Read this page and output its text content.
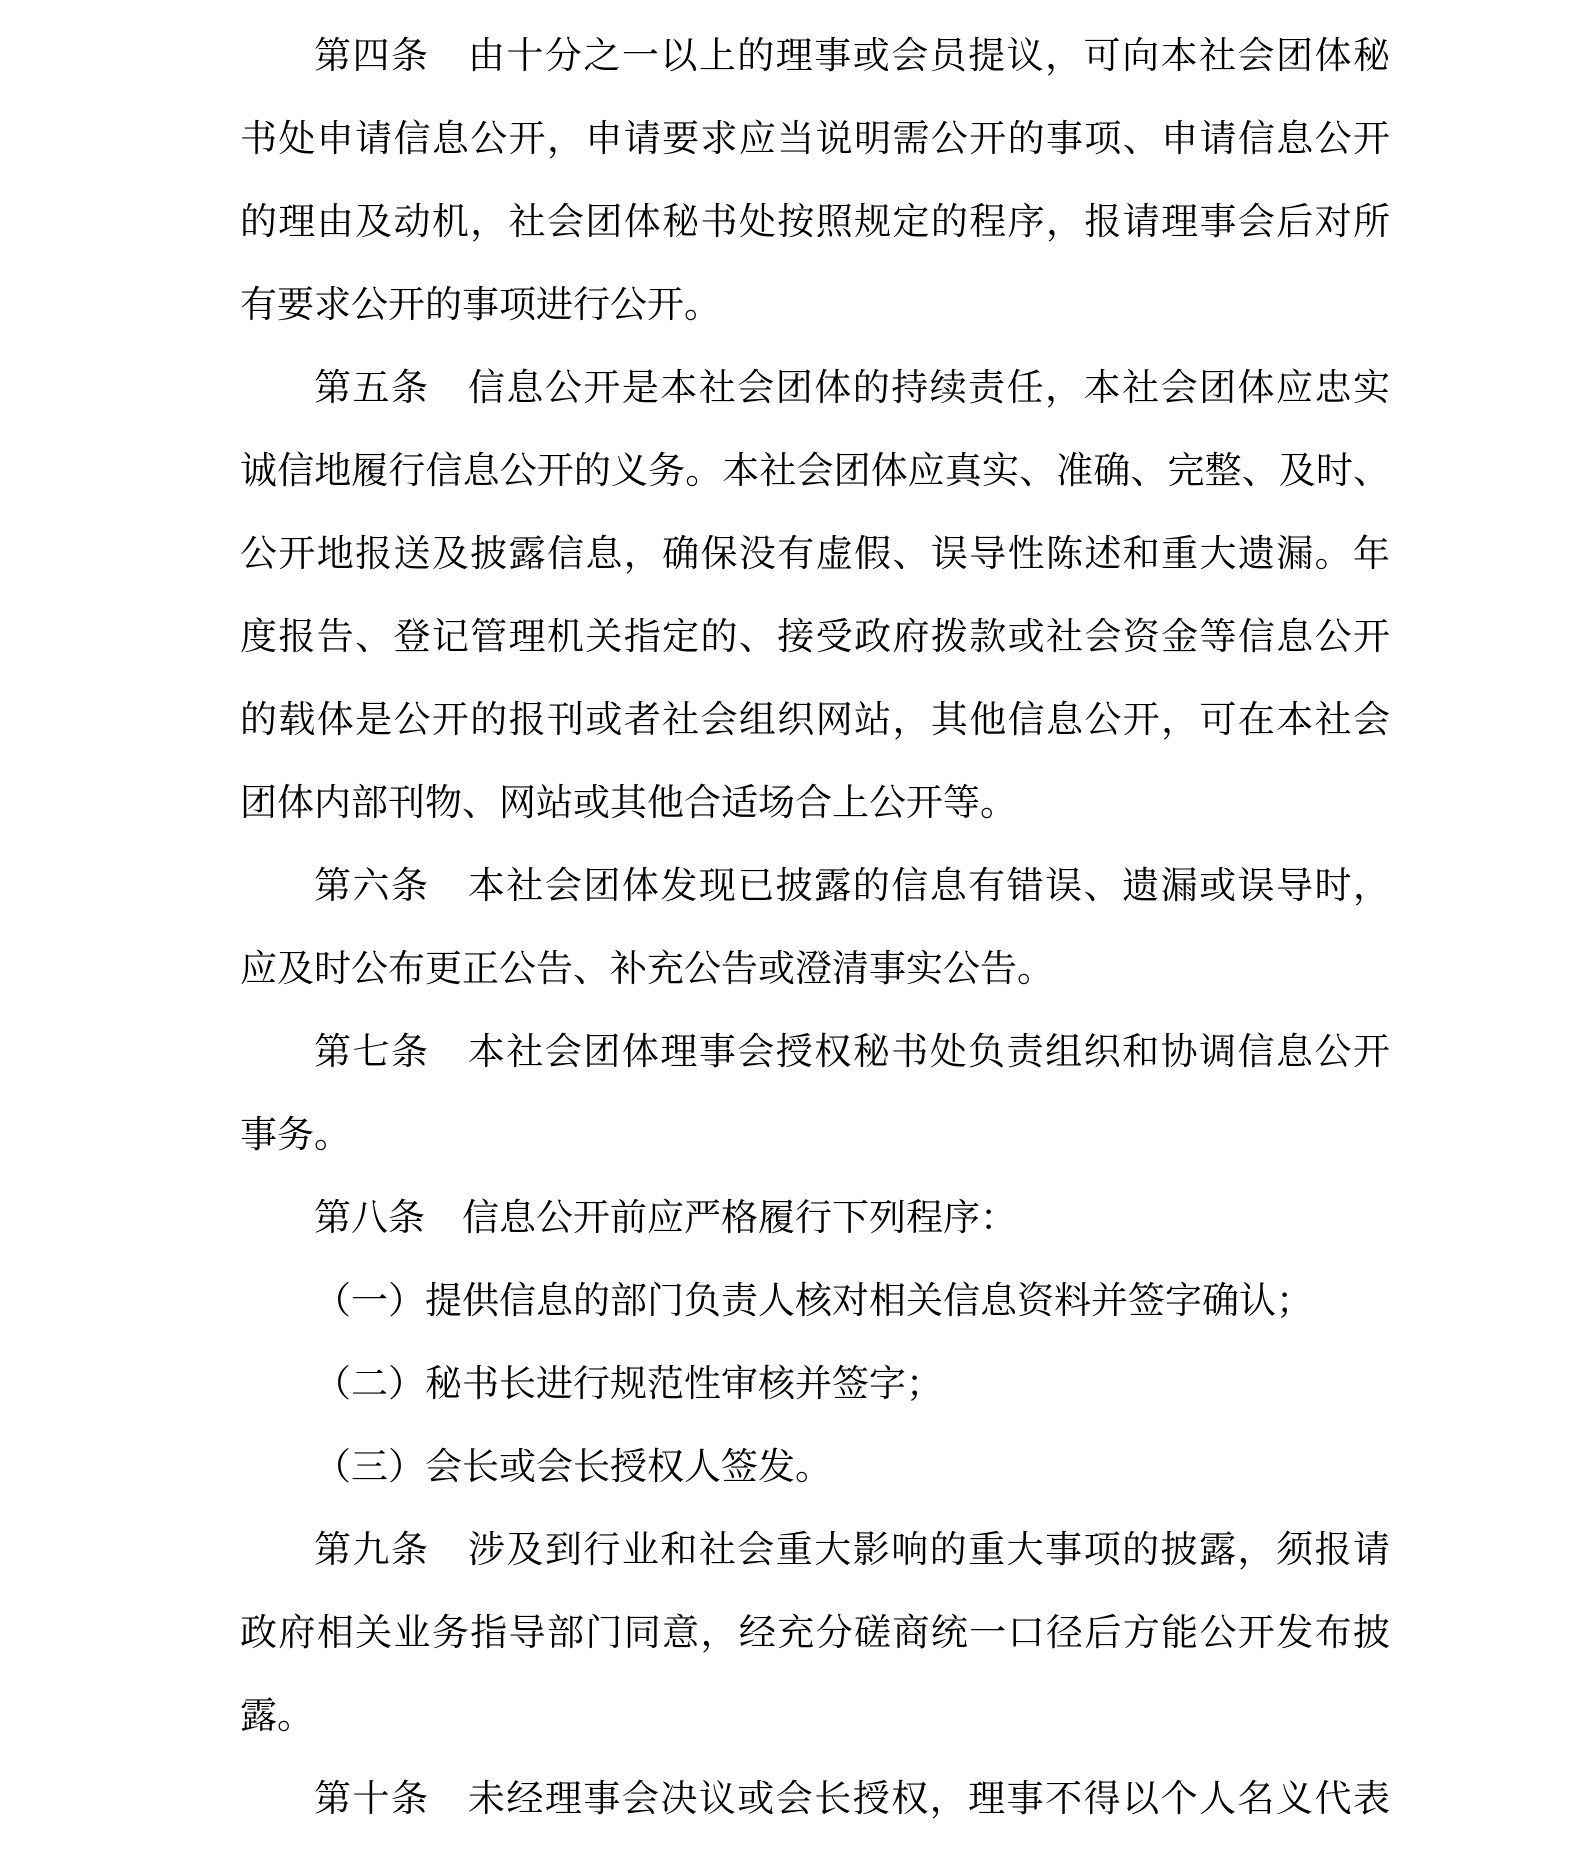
第四条　由十分之一以上的理事或会员提议，可向本社会团体秘
书处申请信息公开，申请要求应当说明需公开的事项、申请信息公开
的理由及动机，社会团体秘书处按照规定的程序，报请理事会后对所
有要求公开的事项进行公开。
第五条　信息公开是本社会团体的持续责任，本社会团体应忠实
诚信地履行信息公开的义务。本社会团体应真实、准确、完整、及时、
公开地报送及披露信息，确保没有虚假、误导性陈述和重大遗漏。年
度报告、登记管理机关指定的、接受政府拨款或社会资金等信息公开
的载体是公开的报刊或者社会组织网站，其他信息公开，可在本社会
团体内部刊物、网站或其他合适场合上公开等。
第六条　本社会团体发现已披露的信息有错误、遗漏或误导时，
应及时公布更正公告、补充公告或澄清事实公告。
第七条　本社会团体理事会授权秘书处负责组织和协调信息公开
事务。
第八条　信息公开前应严格履行下列程序：
（一）提供信息的部门负责人核对相关信息资料并签字确认；
（二）秘书长进行规范性审核并签字；
（三）会长或会长授权人签发。
第九条　涉及到行业和社会重大影响的重大事项的披露，须报请
政府相关业务指导部门同意，经充分磋商统一口径后方能公开发布披
露。
第十条　未经理事会决议或会长授权，理事不得以个人名义代表
